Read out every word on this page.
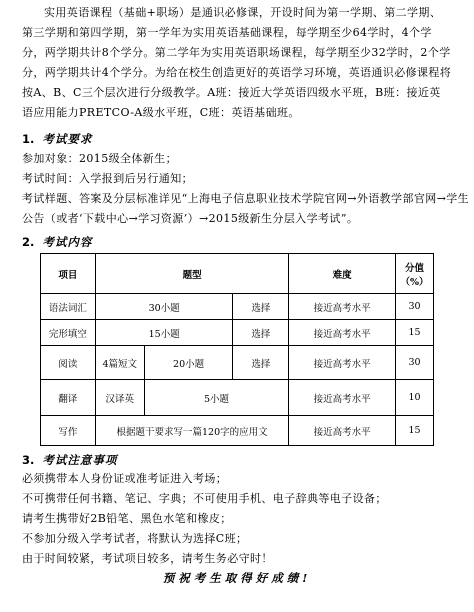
实用英语课程（基础+职场）是通识必修课，开设时间为第一学期、第二学期、第三学期和第四学期，第一学年为实用英语基础课程，每学期至少64学时，4个学分，两学期共计8个学分。第二学年为实用英语职场课程，每学期至少32学时，2个学分，两学期共计4个学分。为给在校生创造更好的英语学习环境，英语通识必修课程将按A、B、C三个层次进行分级教学。A班：接近大学英语四级水平班，B班：接近英语应用能力PRETCO-A级水平班，C班：英语基础班。
1. 考试要求
参加对象：2015级全体新生；
考试时间：入学报到后另行通知；
考试样题、答案及分层标准详见“上海电子信息职业技术学院官网→外语教学部官网→学生
公告（或者‘下载中心→学习资源’）→2015级新生分层入学考试”。
2. 考试内容
项目	题型			难度	分值
（%）

语法词汇	30小题		选择	接近高考水平	30
完形填空	15小题		选择	接近高考水平	15
阅读	4篇短文	20小题	选择	接近高考水平	30
翻译	汉译英	5小题		接近高考水平	10
写作	根据题干要求写一篇120字的应用文			接近高考水平	15
3. 考试注意事项
必须携带本人身份证或准考证进入考场；
不可携带任何书籍、笔记、字典；不可使用手机、电子辞典等电子设备；
请考生携带好2B铅笔、黑色水笔和橡皮；
不参加分级入学考试者，将默认为选择C班；
由于时间较紧，考试项目较多，请考生务必守时！
预祝考生取得好成绩!
